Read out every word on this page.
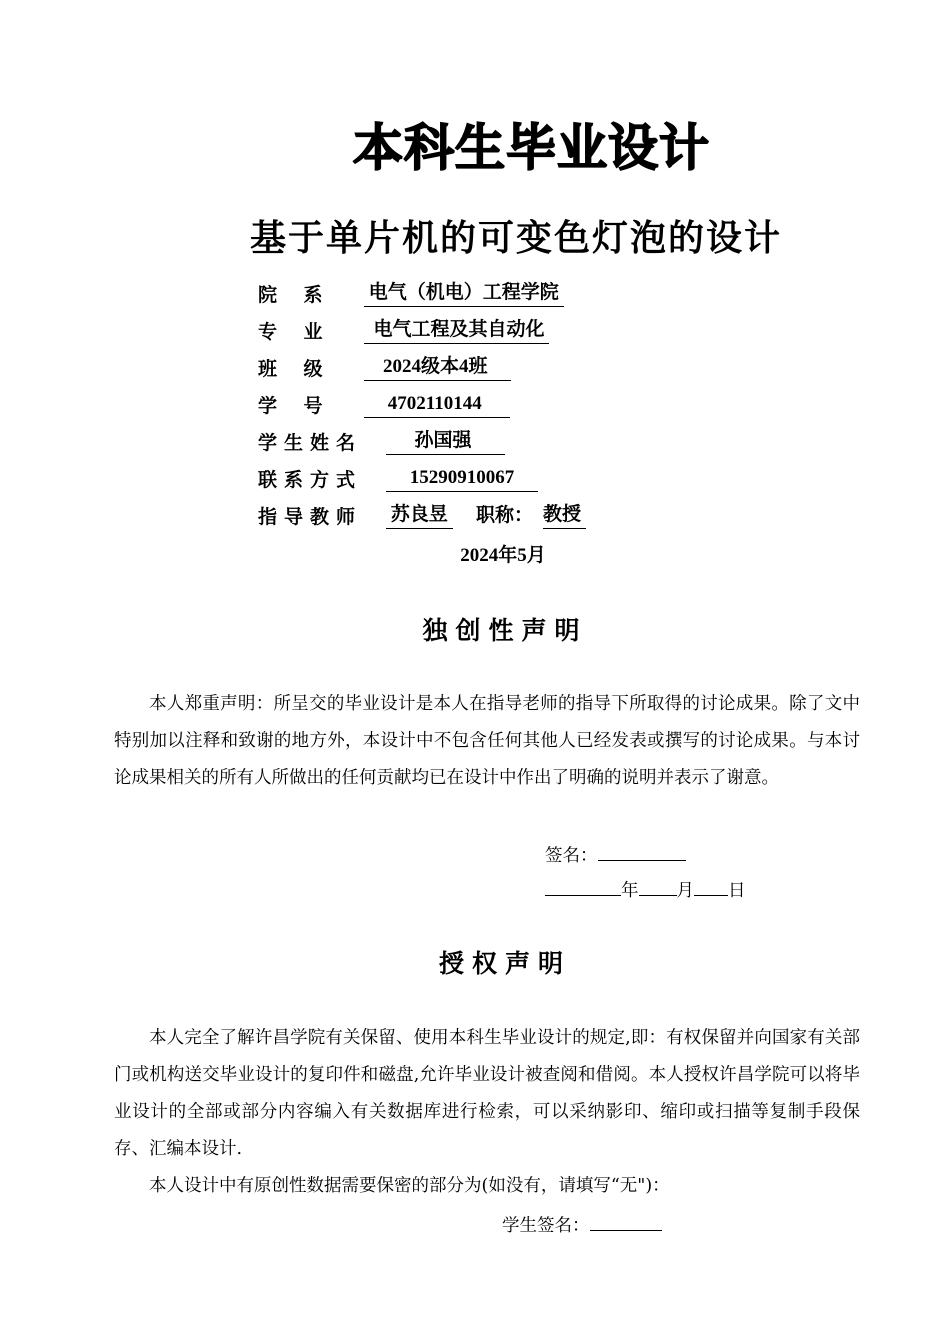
本科生毕业设计
基于单片机的可变色灯泡的设计
院    系 电气（机电）工程学院
专    业 电气工程及其自动化
班    级 2024级本4班
学    号 4702110144
学生姓名 孙国强
联系方式 15290910067
指导教师 苏良昱 职称： 教授
2024年5月
独创性声明

本人郑重声明：所呈交的毕业设计是本人在指导老师的指导下所取得的讨论成果。除了文中特别加以注释和致谢的地方外，本设计中不包含任何其他人已经发表或撰写的讨论成果。与本讨论成果相关的所有人所做出的任何贡献均已在设计中作出了明确的说明并表示了谢意。

签名：
年 月 日
授权声明

本人完全了解许昌学院有关保留、使用本科生毕业设计的规定,即：有权保留并向国家有关部门或机构送交毕业设计的复印件和磁盘,允许毕业设计被查阅和借阅。本人授权许昌学院可以将毕业设计的全部或部分内容编入有关数据库进行检索，可以采纳影印、缩印或扫描等复制手段保存、汇编本设计.

本人设计中有原创性数据需要保密的部分为(如没有，请填写“无")：

学生签名：
